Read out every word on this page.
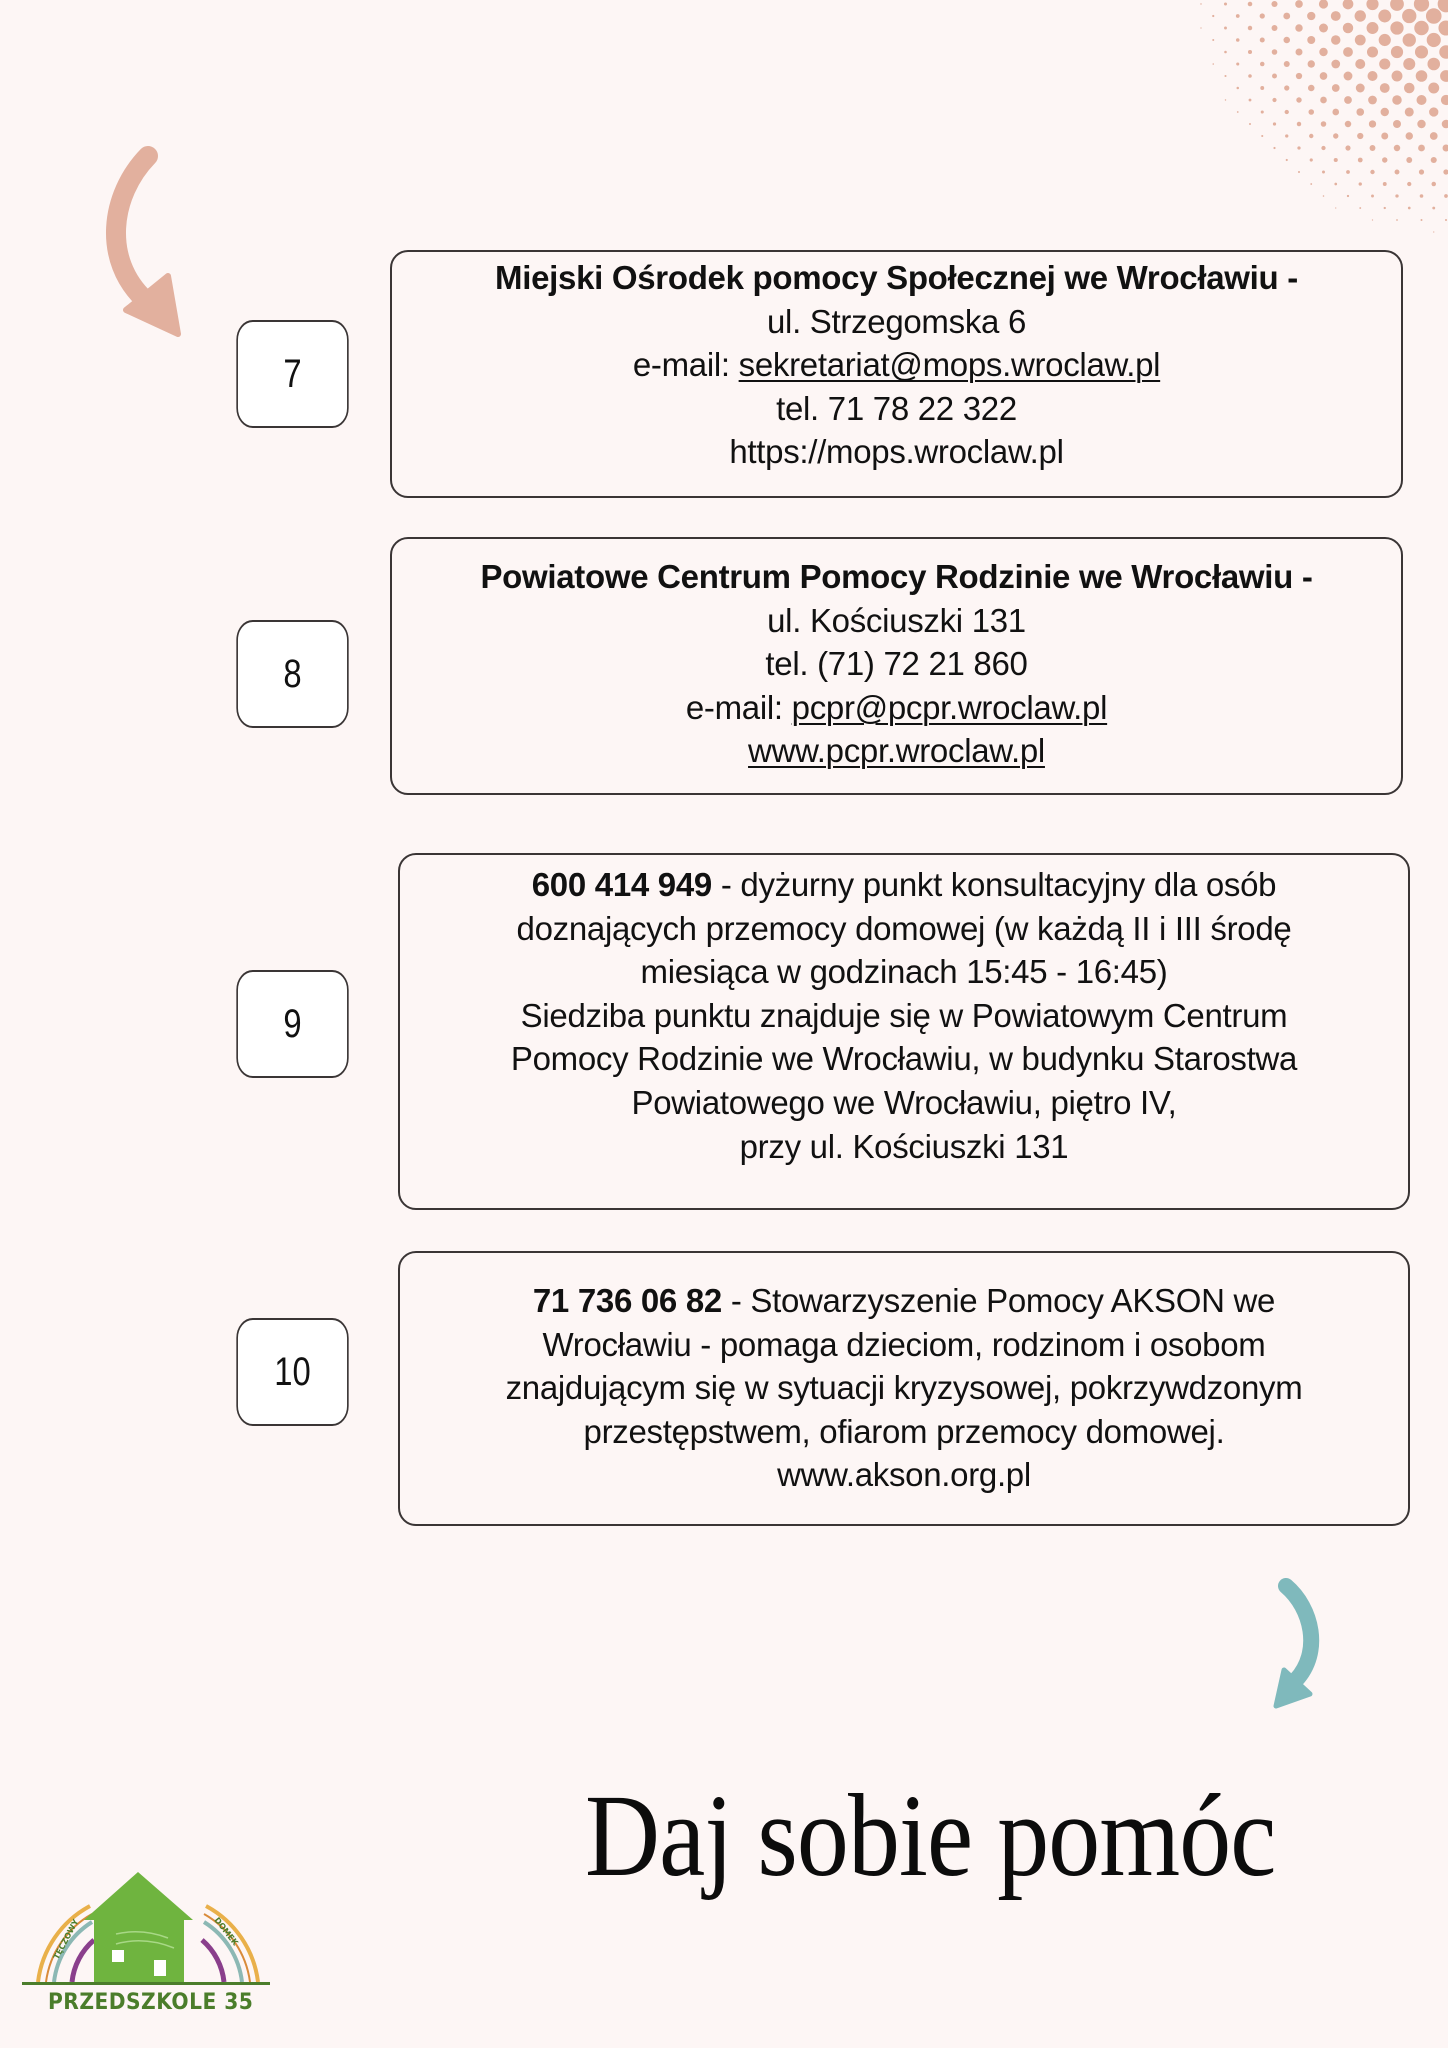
7
8
9
10
Miejski Ośrodek pomocy Społecznej we Wrocławiu -
ul. Strzegomska 6
e-mail: sekretariat@mops.wroclaw.pl
tel. 71 78 22 322
https://mops.wroclaw.pl
Powiatowe Centrum Pomocy Rodzinie we Wrocławiu -
ul. Kościuszki 131
tel. (71) 72 21 860
e-mail: pcpr@pcpr.wroclaw.pl
www.pcpr.wroclaw.pl
600 414 949 - dyżurny punkt konsultacyjny dla osób
doznających przemocy domowej (w każdą II i III środę
miesiąca w godzinach 15:45 - 16:45)
Siedziba punktu znajduje się w Powiatowym Centrum
Pomocy Rodzinie we Wrocławiu, w budynku Starostwa
Powiatowego we Wrocławiu, piętro IV,
przy ul. Kościuszki 131
71 736 06 82 - Stowarzyszenie Pomocy AKSON we
Wrocławiu - pomaga dzieciom, rodzinom i osobom
znajdującym się w sytuacji kryzysowej, pokrzywdzonym
przestępstwem, ofiarom przemocy domowej.
www.akson.org.pl
Daj sobie pomóc
TĘCZOWY	DOMEK
PRZEDSZKOLE 35
